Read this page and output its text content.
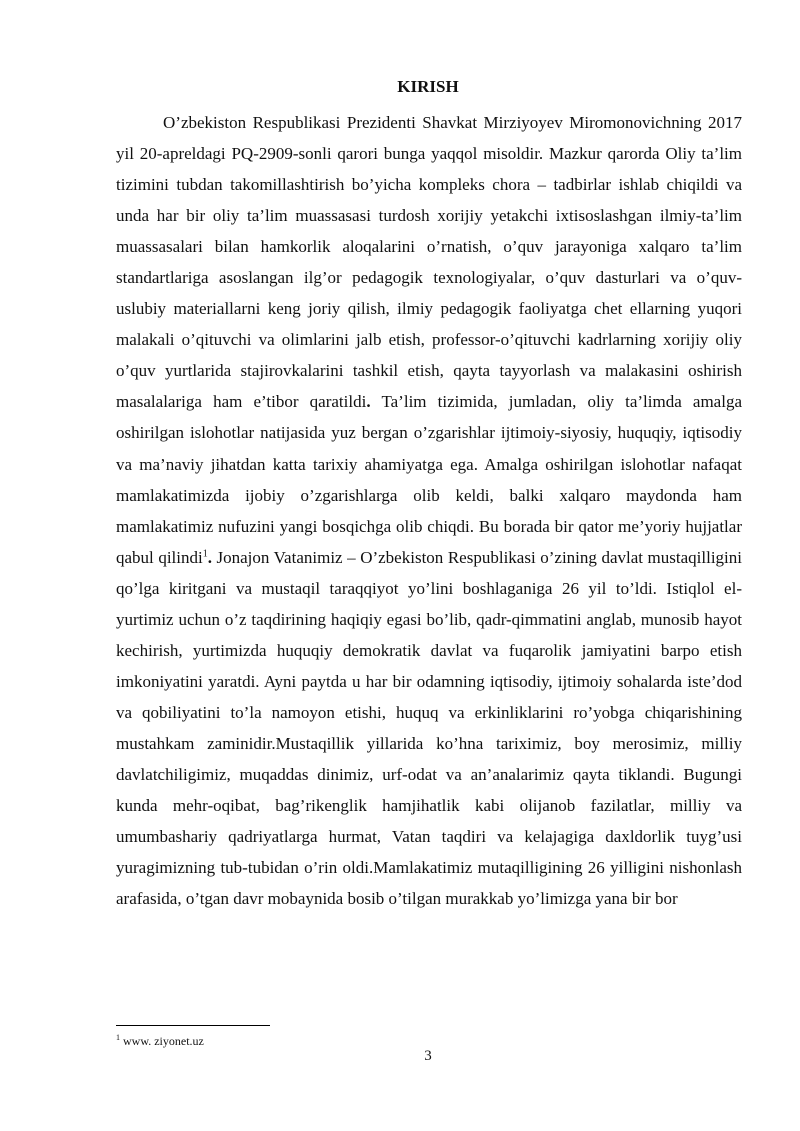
KIRISH

O’zbekiston Respublikasi Prezidenti Shavkat Mirziyoyev Miromonovichning 2017 yil 20-apreldagi PQ-2909-sonli qarori bunga yaqqol misoldir. Mazkur qarorda Oliy ta’lim tizimini tubdan takomillashtirish bo’yicha kompleks chora – tadbirlar ishlab chiqildi va unda har bir oliy ta’lim muassasasi turdosh xorijiy yetakchi ixtisoslashgan ilmiy-ta’lim muassasalari bilan hamkorlik aloqalarini o’rnatish, o’quv jarayoniga xalqaro ta’lim standartlariga asoslangan ilg’or pedagogik texnologiyalar, o’quv dasturlari va o’quv-uslubiy materiallarni keng joriy qilish, ilmiy pedagogik faoliyatga chet ellarning yuqori malakali o’qituvchi va olimlarini jalb etish, professor-o’qituvchi kadrlarning xorijiy oliy o’quv yurtlarida stajirovkalarini tashkil etish, qayta tayyorlash va malakasini oshirish masalalariga ham e’tibor qaratildi. Ta’lim tizimida, jumladan, oliy ta’limda amalga oshirilgan islohotlar natijasida yuz bergan o’zgarishlar ijtimoiy-siyosiy, huquqiy, iqtisodiy va ma’naviy jihatdan katta tarixiy ahamiyatga ega. Amalga oshirilgan islohotlar nafaqat mamlakatimizda ijobiy o’zgarishlarga olib keldi, balki xalqaro maydonda ham mamlakatimiz nufuzini yangi bosqichga olib chiqdi. Bu borada bir qator me’yoriy hujjatlar qabul qilindi$^1$. Jonajon Vatanimiz – O’zbekiston Respublikasi o’zining davlat mustaqilligini qo’lga kiritgani va mustaqil taraqqiyot yo’lini boshlaganiga 26 yil to’ldi. Istiqlol el-yurtimiz uchun o’z taqdirining haqiqiy egasi bo’lib, qadr-qimmatini anglab, munosib hayot kechirish, yurtimizda huquqiy demokratik davlat va fuqarolik jamiyatini barpo etish imkoniyatini yaratdi. Ayni paytda u har bir odamning iqtisodiy, ijtimoiy sohalarda iste’dod va qobiliyatini to’la namoyon etishi, huquq va erkinliklarini ro’yobga chiqarishining mustahkam zaminidir.Mustaqillik yillarida ko’hna tariximiz, boy merosimiz, milliy davlatchiligimiz, muqaddas dinimiz, urf-odat va an’analarimiz qayta tiklandi. Bugungi kunda mehr-oqibat, bag’rikenglik hamjihatlik kabi olijanob fazilatlar, milliy va umumbashariy qadriyatlarga hurmat, Vatan taqdiri va kelajagiga daxldorlik tuyg’usi yuragimizning tub-tubidan o’rin oldi.Mamlakatimiz mutaqilligining 26 yilligini nishonlash arafasida, o’tgan davr mobaynida bosib o’tilgan murakkab yo’limizga yana bir bor

$^1$ www. ziyonet.uz
3
